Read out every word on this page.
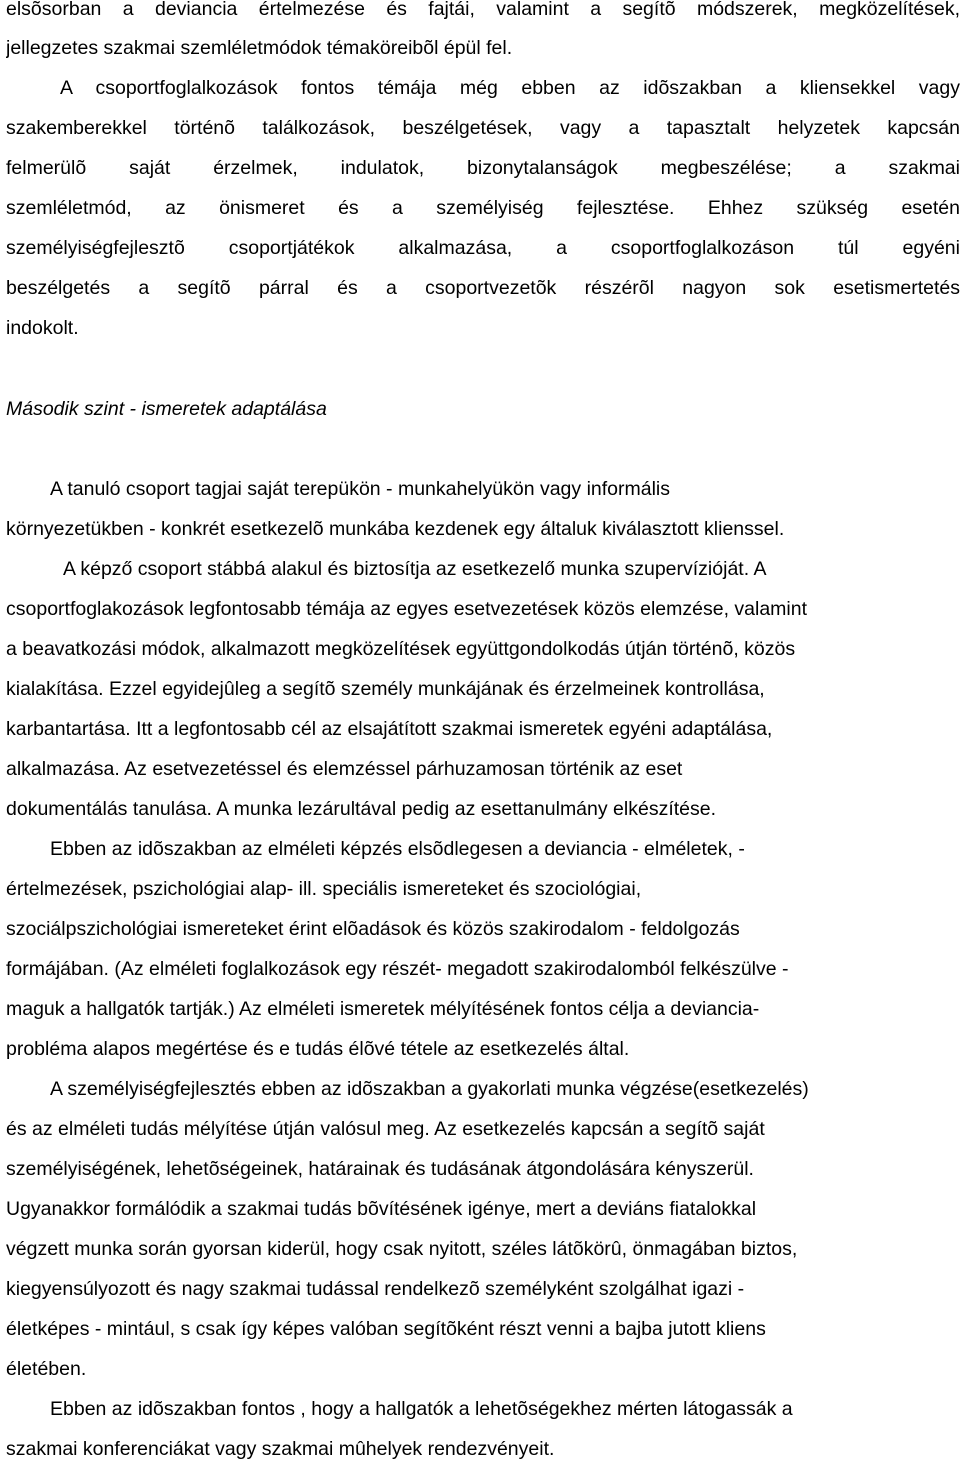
elsõsorban a deviancia értelmezése és fajtái, valamint a segítõ módszerek, megközelítések,
jellegzetes szakmai szemléletmódok témaköreibõl épül fel.
A csoportfoglalkozások fontos témája még ebben az idõszakban a kliensekkel vagy
szakemberekkel történõ találkozások, beszélgetések, vagy a tapasztalt helyzetek kapcsán
felmerülõ saját érzelmek, indulatok, bizonytalanságok megbeszélése; a szakmai
szemléletmód, az önismeret és a személyiség fejlesztése. Ehhez szükség esetén
személyiségfejlesztõ csoportjátékok alkalmazása, a csoportfoglalkozáson túl egyéni
beszélgetés a segítõ párral és a csoportvezetõk részérõl nagyon sok esetismertetés
indokolt.
Második szint - ismeretek adaptálása
A tanuló csoport tagjai saját terepükön - munkahelyükön vagy informális
környezetükben - konkrét esetkezelõ munkába kezdenek egy általuk kiválasztott klienssel.
A képző csoport stábbá alakul és biztosítja az esetkezelő munka szupervízióját. A
csoportfoglakozások legfontosabb témája az egyes esetvezetések közös elemzése, valamint
a beavatkozási módok, alkalmazott megközelítések együttgondolkodás útján történõ, közös
kialakítása. Ezzel egyidejûleg a segítõ személy munkájának és érzelmeinek kontrollása,
karbantartása. Itt a legfontosabb cél az elsajátított szakmai ismeretek egyéni adaptálása,
alkalmazása. Az esetvezetéssel és elemzéssel párhuzamosan történik az eset
dokumentálás tanulása. A munka lezárultával pedig az esettanulmány elkészítése.
Ebben az idõszakban az elméleti képzés elsõdlegesen a deviancia - elméletek, -
értelmezések, pszichológiai alap- ill. speciális ismereteket és szociológiai,
szociálpszichológiai ismereteket érint elõadások és közös szakirodalom - feldolgozás
formájában. (Az elméleti foglalkozások egy részét- megadott szakirodalomból felkészülve -
maguk a hallgatók tartják.) Az elméleti ismeretek mélyítésének fontos célja a deviancia-
probléma alapos megértése és e tudás élõvé tétele az esetkezelés által.
A személyiségfejlesztés ebben az idõszakban a gyakorlati munka végzése(esetkezelés)
és az elméleti tudás mélyítése útján valósul meg. Az esetkezelés kapcsán a segítõ saját
személyiségének, lehetõségeinek, határainak és tudásának átgondolására kényszerül.
Ugyanakkor formálódik a szakmai tudás bõvítésének igénye, mert a deviáns fiatalokkal
végzett munka során gyorsan kiderül, hogy csak nyitott, széles látõkörû, önmagában biztos,
kiegyensúlyozott és nagy szakmai tudással rendelkezõ személyként szolgálhat igazi -
életképes - mintául, s csak így képes valóban segítõként részt venni a bajba jutott kliens
életében.
Ebben az idõszakban fontos , hogy a hallgatók a lehetõségekhez mérten látogassák a
szakmai konferenciákat vagy szakmai mûhelyek rendezvényeit.
